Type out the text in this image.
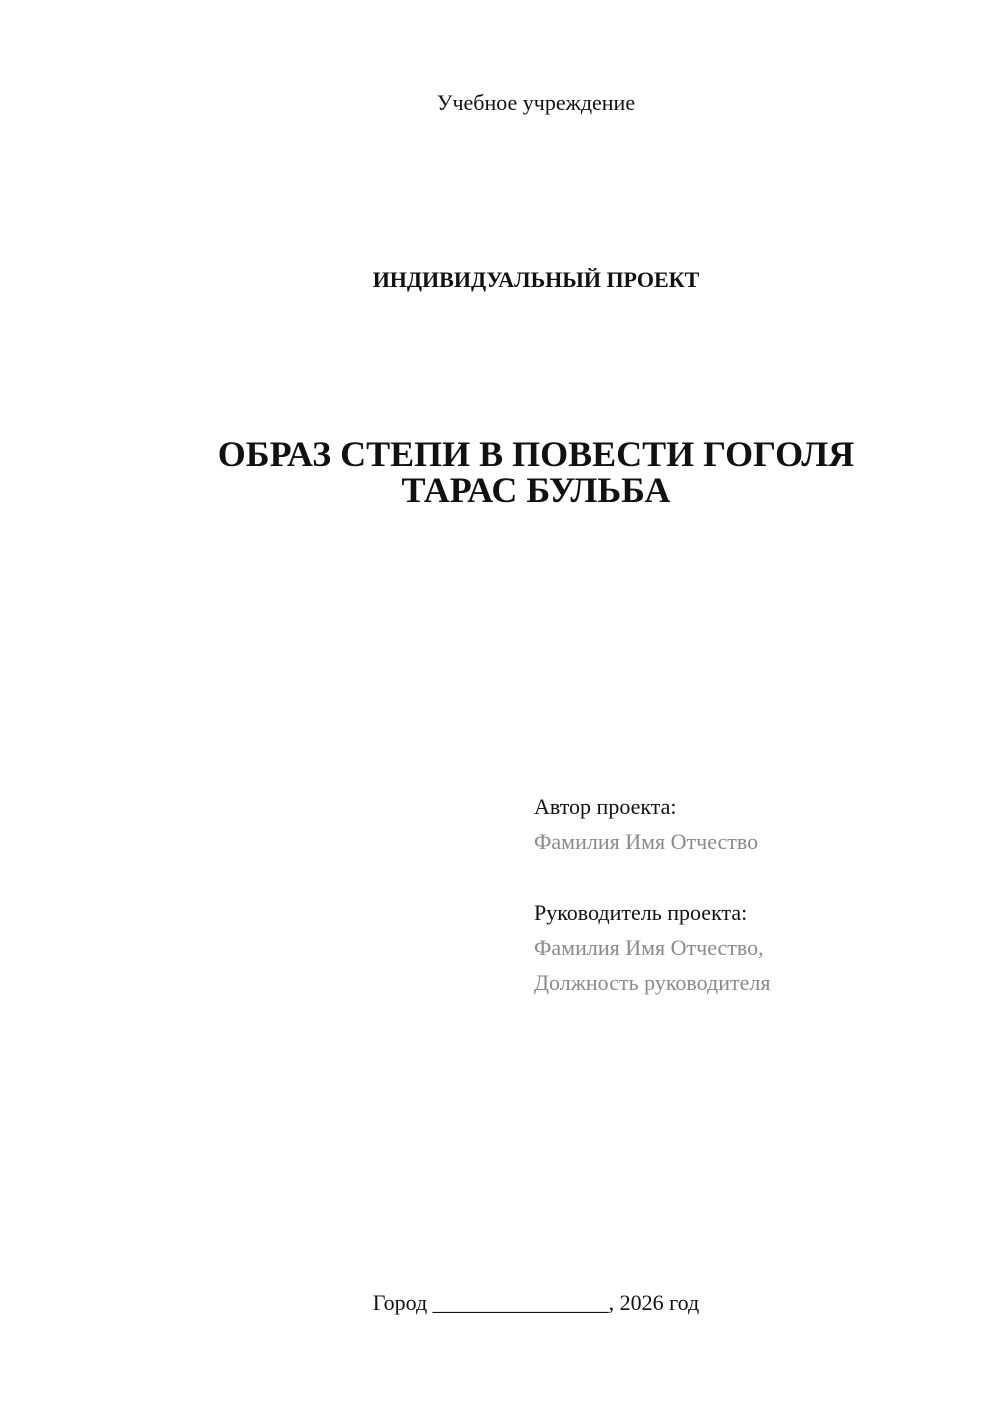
Учебное учреждение
ИНДИВИДУАЛЬНЫЙ ПРОЕКТ
ОБРАЗ СТЕПИ В ПОВЕСТИ ГОГОЛЯ
ТАРАС БУЛЬБА
Автор проекта:
Фамилия Имя Отчество
Руководитель проекта:
Фамилия Имя Отчество,
Должность руководителя
Город ________________, 2026 год
